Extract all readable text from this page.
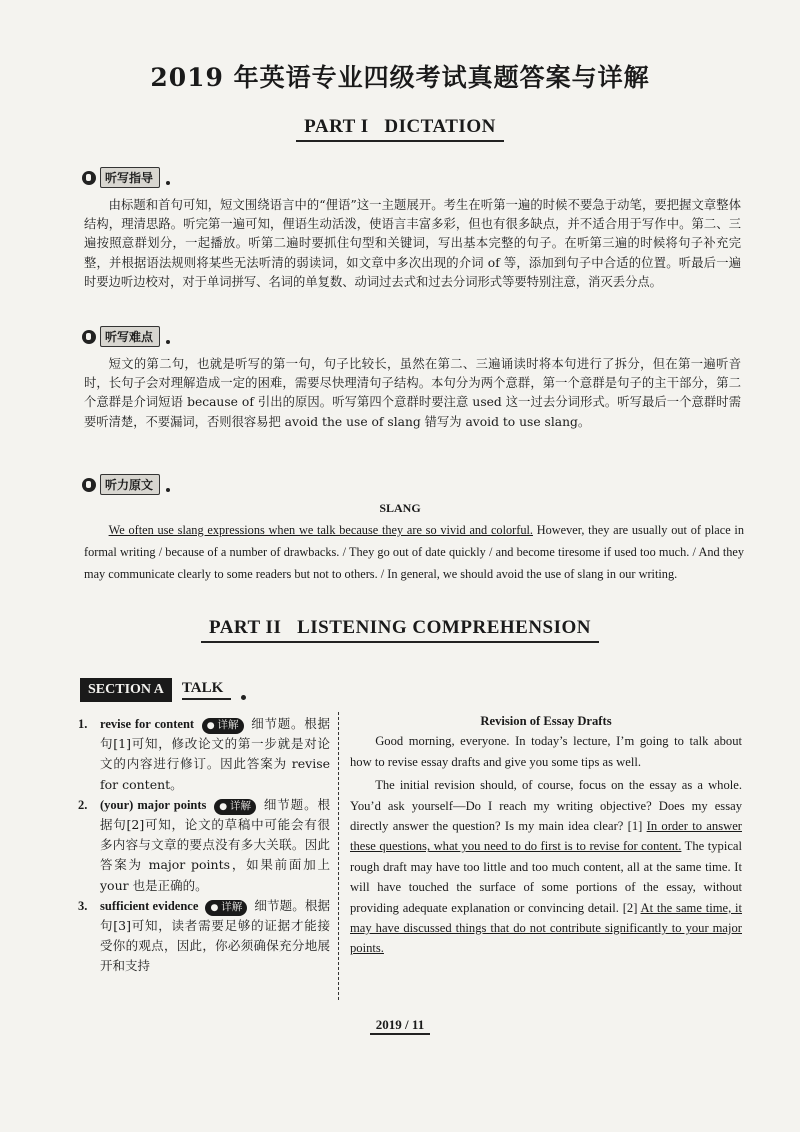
2019 年英语专业四级考试真题答案与详解
PART I   DICTATION
听写指导
由标题和首句可知，短文围绕语言中的“俚语”这一主题展开。考生在听第一遍的时候不要急于动笔，要把握文章整体结构，理清思路。听完第一遍可知，俚语生动活泼，使语言丰富多彩，但也有很多缺点，并不适合用于写作中。第二、三遍按照意群划分，一起播放。听第二遍时要抓住句型和关键词，写出基本完整的句子。在听第三遍的时候将句子补充完整，并根据语法规则将某些无法听清的弱读词，如文章中多次出现的介词 of 等，添加到句子中合适的位置。听最后一遍时要边听边校对，对于单词拼写、名词的单复数、动词过去式和过去分词形式等要特别注意，消灭丢分点。
听写难点
短文的第二句，也就是听写的第一句，句子比较长，虽然在第二、三遍诵读时将本句进行了拆分，但在第一遍听音时，长句子会对理解造成一定的困难，需要尽快理清句子结构。本句分为两个意群，第一个意群是句子的主干部分，第二个意群是介词短语 because of 引出的原因。听写第四个意群时要注意 used 这一过去分词形式。听写最后一个意群时需要听清楚，不要漏词，否则很容易把 avoid the use of slang 错写为 avoid to use slang。
听力原文
SLANG
We often use slang expressions when we talk because they are so vivid and colorful. However, they are usually out of place in formal writing / because of a number of drawbacks. / They go out of date quickly / and become tiresome if used too much. / And they may communicate clearly to some readers but not to others. / In general, we should avoid the use of slang in our writing.
PART II   LISTENING COMPREHENSION
SECTION A	TALK
1. revise for content ● 详解 细节题。根据句[1]可知，修改论文的第一步就是对论文的内容进行修订。因此答案为 revise for content。
2. (your) major points ● 详解 细节题。根据句[2]可知，论文的草稿中可能会有很多内容与文章的要点没有多大关联。因此答案为 major points，如果前面加上 your 也是正确的。
3. sufficient evidence ● 详解 细节题。根据句[3]可知，读者需要足够的证据才能接受你的观点，因此，你必须确保充分地展开和支持
Revision of Essay Drafts

Good morning, everyone. In today’s lecture, I’m going to talk about how to revise essay drafts and give you some tips as well.

The initial revision should, of course, focus on the essay as a whole. You’d ask yourself—Do I reach my writing objective? Does my essay directly answer the question? Is my main idea clear? [1] In order to answer these questions, what you need to do first is to revise for content. The typical rough draft may have too little and too much content, all at the same time. It will have touched the surface of some portions of the essay, without providing adequate explanation or convincing detail. [2] At the same time, it may have discussed things that do not contribute significantly to your major points.

2019 / 11
